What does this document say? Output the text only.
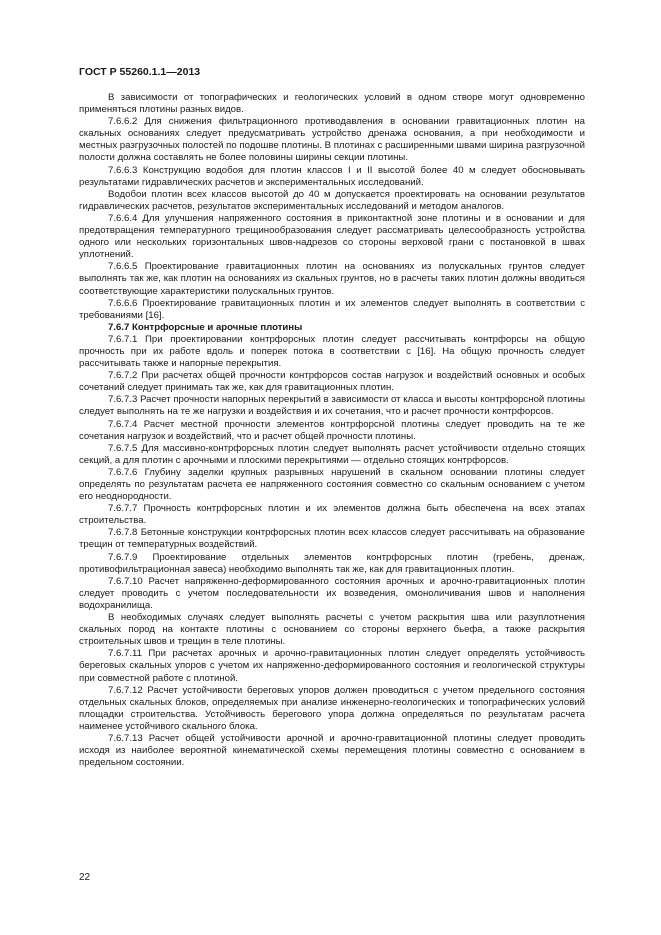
ГОСТ Р 55260.1.1—2013

В зависимости от топографических и геологических условий в одном створе могут одновременно применяться плотины разных видов.

7.6.6.2 Для снижения фильтрационного противодавления в основании гравитационных плотин на скальных основаниях следует предусматривать устройство дренажа основания, а при необходимости и местных разгрузочных полостей по подошве плотины. В плотинах с расширенными швами ширина разгрузочной полости должна составлять не более половины ширины секции плотины.

7.6.6.3 Конструкцию водобоя для плотин классов I и II высотой более 40 м следует обосновывать результатами гидравлических расчетов и экспериментальных исследований.

Водобои плотин всех классов высотой до 40 м допускается проектировать на основании результатов гидравлических расчетов, результатов экспериментальных исследований и методом аналогов.

7.6.6.4 Для улучшения напряженного состояния в приконтактной зоне плотины и в основании и для предотвращения температурного трещинообразования следует рассматривать целесообразность устройства одного или нескольких горизонтальных швов-надрезов со стороны верховой грани с постановкой в швах уплотнений.

7.6.6.5 Проектирование гравитационных плотин на основаниях из полускальных грунтов следует выполнять так же, как плотин на основаниях из скальных грунтов, но в расчеты таких плотин должны вводиться соответствующие характеристики полускальных грунтов.

7.6.6.6 Проектирование гравитационных плотин и их элементов следует выполнять в соответствии с требованиями [16].

7.6.7 Контрфорсные и арочные плотины

7.6.7.1 При проектировании контрфорсных плотин следует рассчитывать контрфорсы на общую прочность при их работе вдоль и поперек потока в соответствии с [16]. На общую прочность следует рассчитывать также и напорные перекрытия.

7.6.7.2 При расчетах общей прочности контрфорсов состав нагрузок и воздействий основных и особых сочетаний следует принимать так же, как для гравитационных плотин.

7.6.7.3 Расчет прочности напорных перекрытий в зависимости от класса и высоты контрфорсной плотины следует выполнять на те же нагрузки и воздействия и их сочетания, что и расчет прочности контрфорсов.

7.6.7.4 Расчет местной прочности элементов контрфорсной плотины следует проводить на те же сочетания нагрузок и воздействий, что и расчет общей прочности плотины.

7.6.7.5 Для массивно-контрфорсных плотин следует выполнять расчет устойчивости отдельно стоящих секций, а для плотин с арочными и плоскими перекрытиями — отдельно стоящих контрфорсов.

7.6.7.6 Глубину заделки крупных разрывных нарушений в скальном основании плотины следует определять по результатам расчета ее напряженного состояния совместно со скальным основанием с учетом его неоднородности.

7.6.7.7 Прочность контрфорсных плотин и их элементов должна быть обеспечена на всех этапах строительства.

7.6.7.8 Бетонные конструкции контрфорсных плотин всех классов следует рассчитывать на образование трещин от температурных воздействий.

7.6.7.9 Проектирование отдельных элементов контрфорсных плотин (гребень, дренаж, противофильтрационная завеса) необходимо выполнять так же, как для гравитационных плотин.

7.6.7.10 Расчет напряженно-деформированного состояния арочных и арочно-гравитационных плотин следует проводить с учетом последовательности их возведения, омоноличивания швов и наполнения водохранилища.

В необходимых случаях следует выполнять расчеты с учетом раскрытия шва или разуплотнения скальных пород на контакте плотины с основанием со стороны верхнего бьефа, а также раскрытия строительных швов и трещин в теле плотины.

7.6.7.11 При расчетах арочных и арочно-гравитационных плотин следует определять устойчивость береговых скальных упоров с учетом их напряженно-деформированного состояния и геологической структуры при совместной работе с плотиной.

7.6.7.12 Расчет устойчивости береговых упоров должен проводиться с учетом предельного состояния отдельных скальных блоков, определяемых при анализе инженерно-геологических и топографических условий площадки строительства. Устойчивость берегового упора должна определяться по результатам расчета наименее устойчивого скального блока.

7.6.7.13 Расчет общей устойчивости арочной и арочно-гравитационной плотины следует проводить исходя из наиболее вероятной кинематической схемы перемещения плотины совместно с основанием в предельном состоянии.

22
